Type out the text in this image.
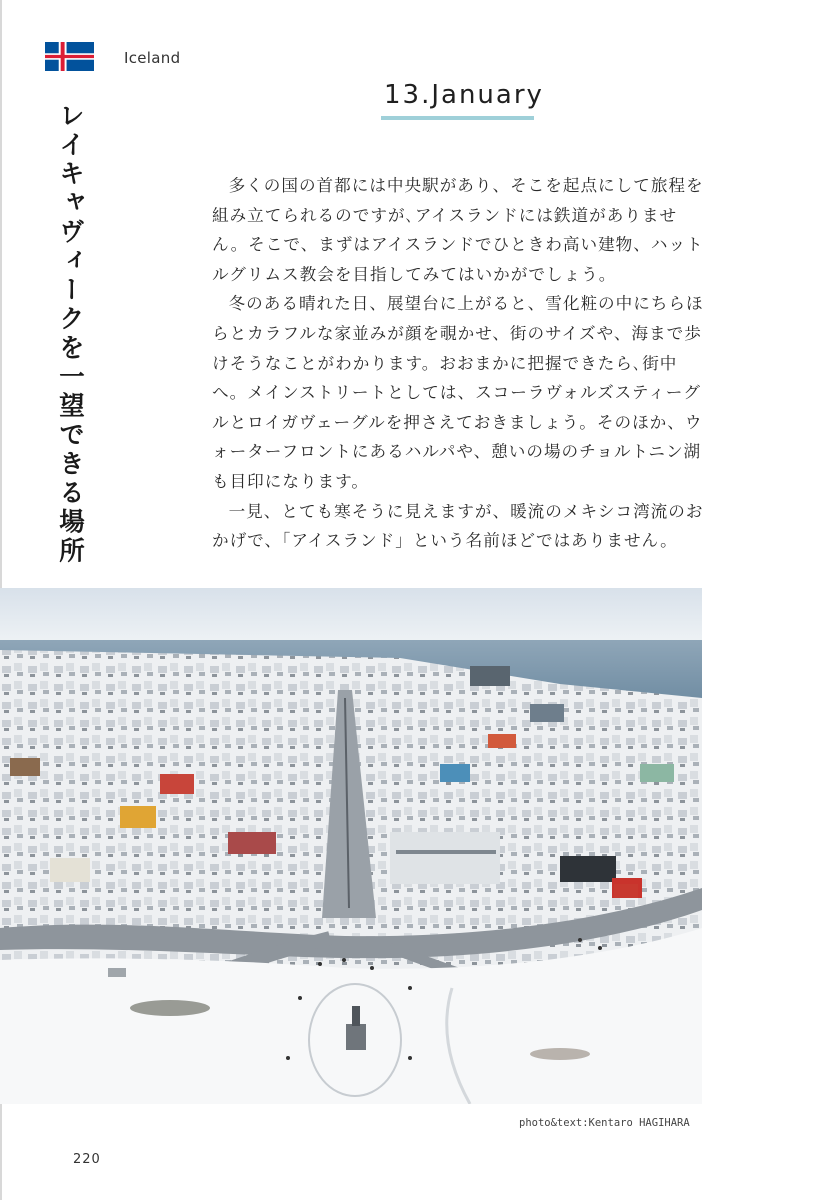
Iceland
13.January
レイキャヴィークを一望できる場所	多くの国の首都には中央駅があり、そこを起点にして旅程を組み立てられるのですが､アイスランドには鉄道がありません。そこで、まずはアイスランドでひときわ高い建物、ハットルグリムス教会を目指してみてはいかがでしょう。

冬のある晴れた日、展望台に上がると、雪化粧の中にちらほらとカラフルな家並みが顔を覗かせ、街のサイズや、海まで歩けそうなことがわかります。おおまかに把握できたら､街中へ。メインストリートとしては、スコーラヴォルズスティーグルとロイガヴェーグルを押さえておきましょう。そのほか、ウォーターフロントにあるハルパや、憩いの場のチョルトニン湖も目印になります。

一見、とても寒そうに見えますが、暖流のメキシコ湾流のおかげで、「アイスランド」という名前ほどではありません。

photo&text:Kentaro HAGIHARA
220
